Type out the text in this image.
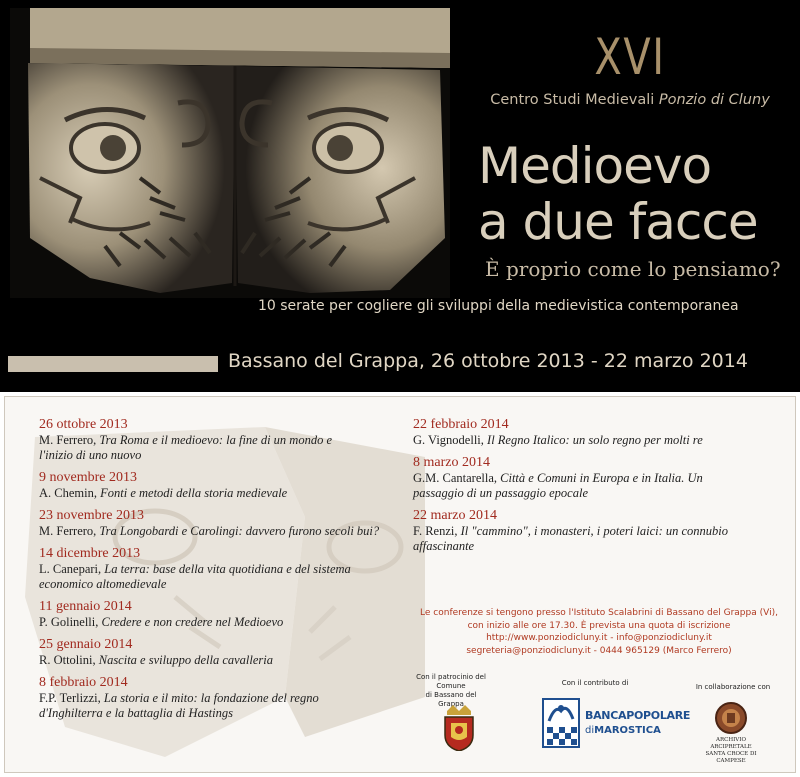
XVI
Centro Studi Medievali Ponzio di Cluny
Medioevo
a due facce
È proprio come lo pensiamo?
10 serate per cogliere gli sviluppi della medievistica contemporanea
Bassano del Grappa, 26 ottobre 2013 - 22 marzo 2014
26 ottobre 2013
M. Ferrero, Tra Roma e il medioevo: la fine di un mondo e
l'inizio di uno nuovo
9 novembre 2013
A. Chemin, Fonti e metodi della storia medievale
23 novembre 2013
M. Ferrero, Tra Longobardi e Carolingi: davvero furono secoli bui?
14 dicembre 2013
L. Canepari, La terra: base della vita quotidiana e del sistema
economico altomedievale
11 gennaio 2014
P. Golinelli, Credere e non credere nel Medioevo
25 gennaio 2014
R. Ottolini, Nascita e sviluppo della cavalleria
8 febbraio 2014
F.P. Terlizzi, La storia e il mito: la fondazione del regno
d'Inghilterra e la battaglia di Hastings
22 febbraio 2014
G. Vignodelli, Il Regno Italico: un solo regno per molti re
8 marzo 2014
G.M. Cantarella, Città e Comuni in Europa e in Italia. Un
passaggio di un passaggio epocale
22 marzo 2014
F. Renzi, Il "cammino", i monasteri, i poteri laici: un connubio
affascinante
Le conferenze si tengono presso l'Istituto Scalabrini di Bassano del Grappa (Vi),
con inizio alle ore 17.30. È prevista una quota di iscrizione
http://www.ponziodicluny.it - info@ponziodicluny.it
segreteria@ponziodicluny.it - 0444 965129 (Marco Ferrero)
Con il patrocinio del Comune
di Bassano del Grappa
Con il contributo di
BANCAPOPOLARE
diMAROSTICA
In collaborazione con
ARCHIVIO ARCIPRETALE
SANTA CROCE DI CAMPESE
